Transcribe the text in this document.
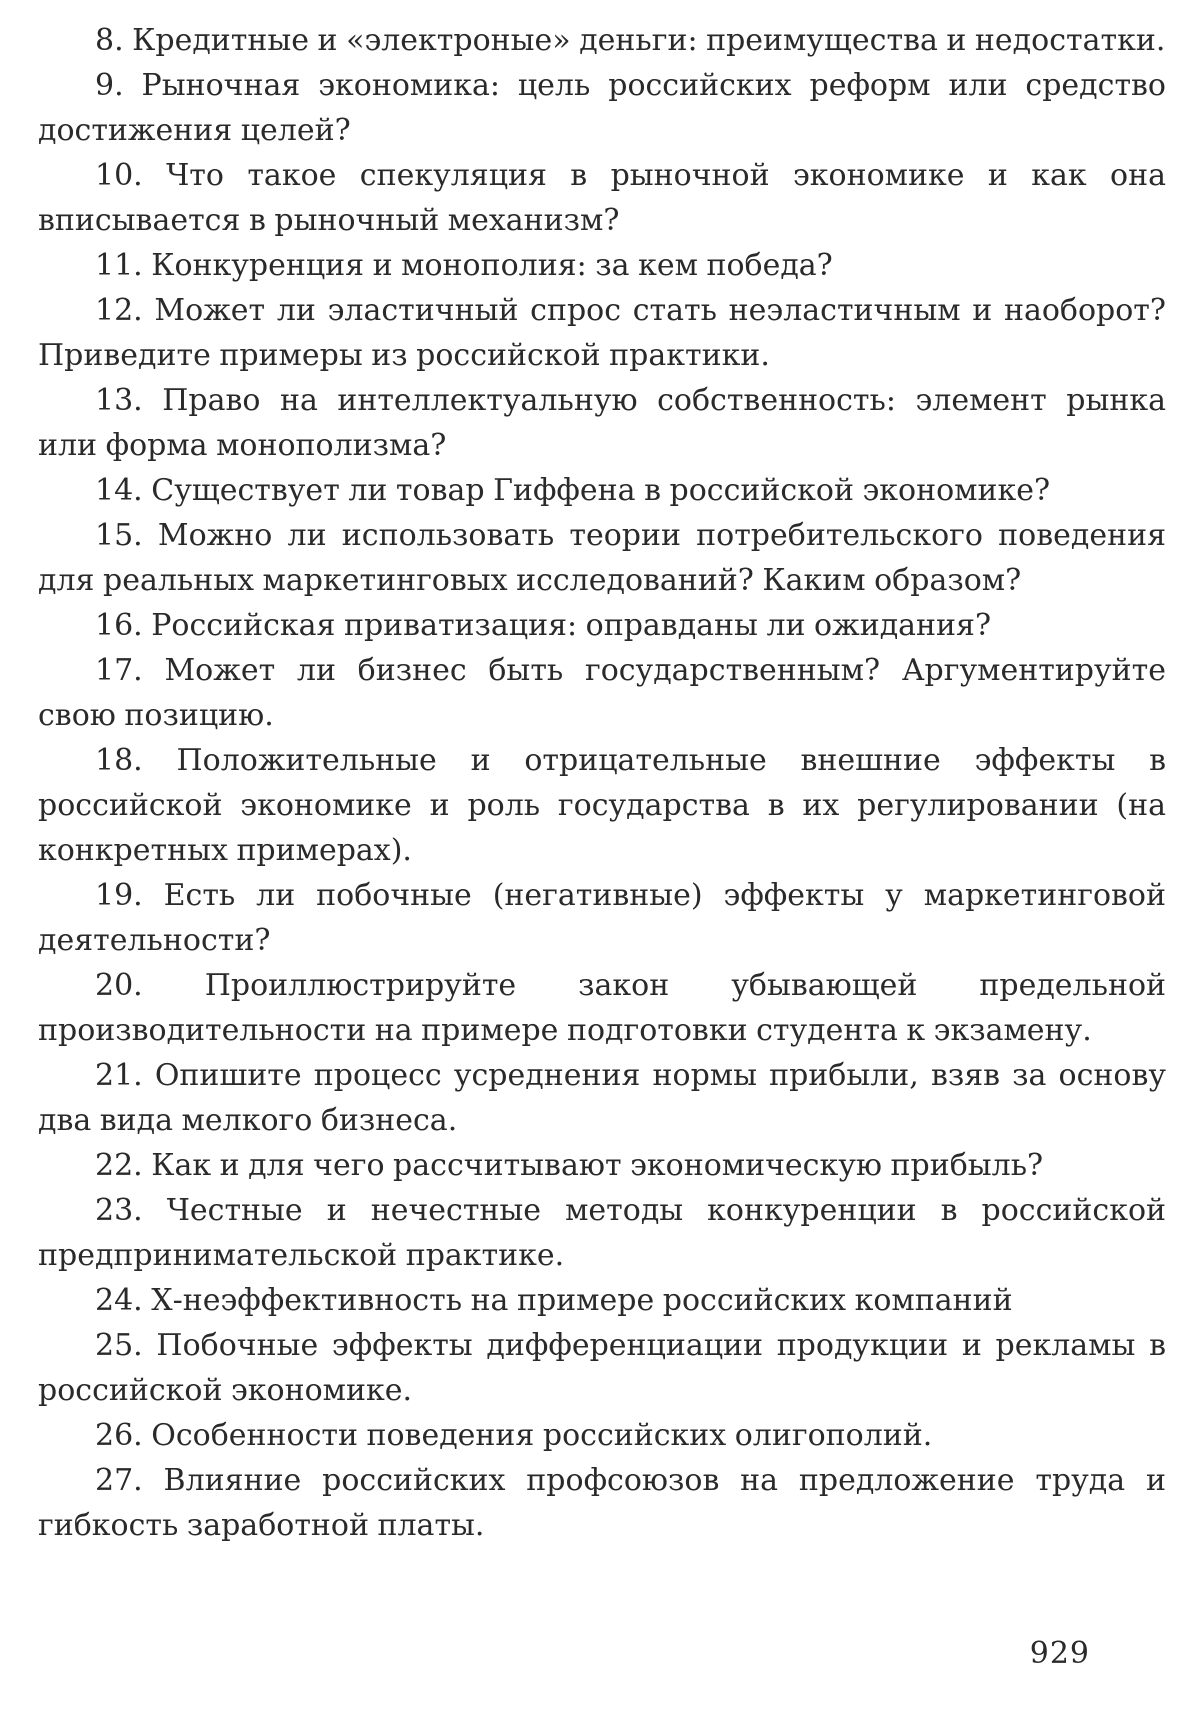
8. Кредитные и «электроные» деньги: преимущества и недостатки.

9. Рыночная экономика: цель российских реформ или средство достижения целей?

10. Что такое спекуляция в рыночной экономике и как она вписывается в рыночный механизм?

11. Конкуренция и монополия: за кем победа?

12. Может ли эластичный спрос стать неэластичным и наоборот? Приведите примеры из российской практики.

13. Право на интеллектуальную собственность: элемент рынка или форма монополизма?

14. Существует ли товар Гиффена в российской экономике?

15. Можно ли использовать теории потребительского поведения для реальных маркетинговых исследований? Каким образом?

16. Российская приватизация: оправданы ли ожидания?

17. Может ли бизнес быть государственным? Аргументируйте свою позицию.

18. Положительные и отрицательные внешние эффекты в российской экономике и роль государства в их регулировании (на конкретных примерах).

19. Есть ли побочные (негативные) эффекты у маркетинговой деятельности?

20. Проиллюстрируйте закон убывающей предельной производительности на примере подготовки студента к экзамену.

21. Опишите процесс усреднения нормы прибыли, взяв за основу два вида мелкого бизнеса.

22. Как и для чего рассчитывают экономическую прибыль?

23. Честные и нечестные методы конкуренции в российской предпринимательской практике.

24. Х-неэффективность на примере российских компаний

25. Побочные эффекты дифференциации продукции и рекламы в российской экономике.

26. Особенности поведения российских олигополий.

27. Влияние российских профсоюзов на предложение труда и гибкость заработной платы.

929
